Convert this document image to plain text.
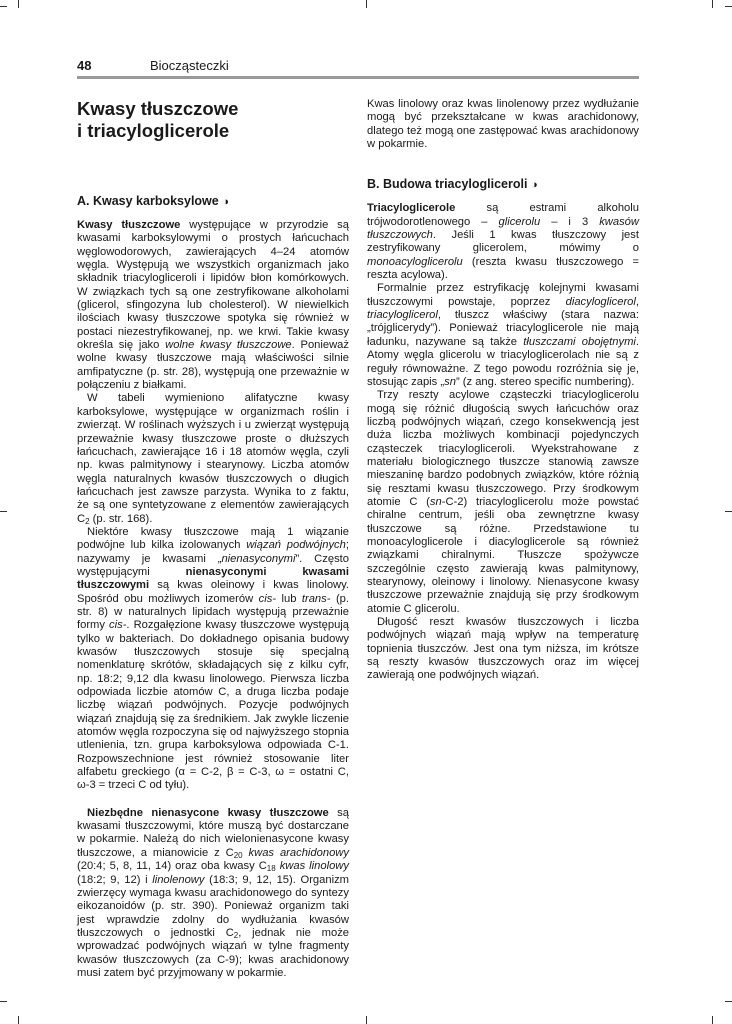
48	Biocząsteczki
Kwasy tłuszczowe
i triacyloglicerole
A. Kwasy karboksylowe ◑

Kwasy tłuszczowe występujące w przyrodzie są kwasami karboksylowymi o prostych łańcuchach węglowodorowych, zawierających 4–24 atomów węgla. Występują we wszystkich organizmach jako składnik triacyloglicerolі i lipidów błon komórkowych. W związkach tych są one zestryfikowane alkoholami (glicerol, sfingozyna lub cholesterol). W niewielkich ilościach kwasy tłuszczowe spotyka się również w postaci niezestryfikowanej, np. we krwi. Takie kwasy określa się jako wolne kwasy tłuszczowe. Ponieważ wolne kwasy tłuszczowe mają właściwości silnie amfipatyczne (p. str. 28), występują one przeważnie w połączeniu z białkami.

W tabeli wymieniono alifatyczne kwasy karboksylowe, występujące w organizmach roślin i zwierząt. W roślinach wyższych i u zwierząt występują przeważnie kwasy tłuszczowe proste o dłuższych łańcuchach, zawierające 16 i 18 atomów węgla, czyli np. kwas palmitynowy i stearynowy. Liczba atomów węgla naturalnych kwasów tłuszczowych o długich łańcuchach jest zawsze parzysta. Wynika to z faktu, że są one syntetyzowane z elementów zawierających $C_2$ (p. str. 168).

Niektóre kwasy tłuszczowe mają 1 wiązanie podwójne lub kilka izolowanych wiązań podwójnych; nazywamy je kwasami „nienasyconymi”. Często występującymi nienasyconymi kwasami tłuszczowymi są kwas oleinowy i kwas linolowy. Spośród obu możliwych izomerów cis- lub trans- (p. str. 8) w naturalnych lipidach występują przeważnie formy cis-. Rozgałęzione kwasy tłuszczowe występują tylko w bakteriach. Do dokładnego opisania budowy kwasów tłuszczowych stosuje się specjalną nomenklaturę skrótów, składających się z kilku cyfr, np. 18:2; 9,12 dla kwasu linolowego. Pierwsza liczba odpowiada liczbie atomów C, a druga liczba podaje liczbę wiązań podwójnych. Pozycje podwójnych wiązań znajdują się za średnikiem. Jak zwykle liczenie atomów węgla rozpoczyna się od najwyższego stopnia utlenienia, tzn. grupa karboksylowa odpowiada C-1. Rozpowszechnione jest również stosowanie liter alfabetu greckiego (α = C-2, β = C-3, ω = ostatni C, ω-3 = trzeci C od tyłu).

Niezbędne nienasycone kwasy tłuszczowe są kwasami tłuszczowymi, które muszą być dostarczane w pokarmie. Należą do nich wielonienasycone kwasy tłuszczowe, a mianowicie z $C_{20}$ kwas arachidonowy (20:4; 5, 8, 11, 14) oraz oba kwasy $C_{18}$ kwas linolowy (18:2; 9, 12) i linolenowy (18:3; 9, 12, 15). Organizm zwierzęcy wymaga kwasu arachidonowego do syntezy eikozanoidów (p. str. 390). Ponieważ organizm taki jest wprawdzie zdolny do wydłużania kwasów tłuszczowych o jednostki $C_2$, jednak nie może wprowadzać podwójnych wiązań w tylne fragmenty kwasów tłuszczowych (za C-9); kwas arachidonowy musi zatem być przyjmowany w pokarmie.

Kwas linolowy oraz kwas linolenowy przez wydłużanie mogą być przekształcane w kwas arachidonowy, dlatego też mogą one zastępować kwas arachidonowy w pokarmie.

B. Budowa triacylogliceroli ◑

Triacyloglicerole są estrami alkoholu trójwodorotlenowego – glicerolu – i 3 kwasów tłuszczowych. Jeśli 1 kwas tłuszczowy jest zestryfikowany glicerolem, mówimy o monoacyloglicerolu (reszta kwasu tłuszczowego = reszta acylowa).

Formalnie przez estryfikację kolejnymi kwasami tłuszczowymi powstaje, poprzez diacyloglicerol, triacyloglicerol, tłuszcz właściwy (stara nazwa: „trójglicerydy”). Ponieważ triacyloglicerole nie mają ładunku, nazywane są także tłuszczami obojętnymi. Atomy węgla glicerolu w triacyloglicerolach nie są z reguły równoważne. Z tego powodu rozróżnia się je, stosując zapis „sn” (z ang. stereo specific numbering).

Trzy reszty acylowe cząsteczki triacyloglicerolu mogą się różnić długością swych łańcuchów oraz liczbą podwójnych wiązań, czego konsekwencją jest duża liczba możliwych kombinacji pojedynczych cząsteczek triacylogliceroli. Wyekstrahowane z materiału biologicznego tłuszcze stanowią zawsze mieszaninę bardzo podobnych związków, które różnią się resztami kwasu tłuszczowego. Przy środkowym atomie C (sn-C-2) triacyloglicerolu może powstać chiralne centrum, jeśli oba zewnętrzne kwasy tłuszczowe są różne. Przedstawione tu monoacyloglicerole i diacyloglicerole są również związkami chiralnymi. Tłuszcze spożywcze szczególnie często zawierają kwas palmitynowy, stearynowy, oleinowy i linolowy. Nienasycone kwasy tłuszczowe przeważnie znajdują się przy środkowym atomie C glicerolu.

Długość reszt kwasów tłuszczowych i liczba podwójnych wiązań mają wpływ na temperaturę topnienia tłuszczów. Jest ona tym niższa, im krótsze są reszty kwasów tłuszczowych oraz im więcej zawierają one podwójnych wiązań.
